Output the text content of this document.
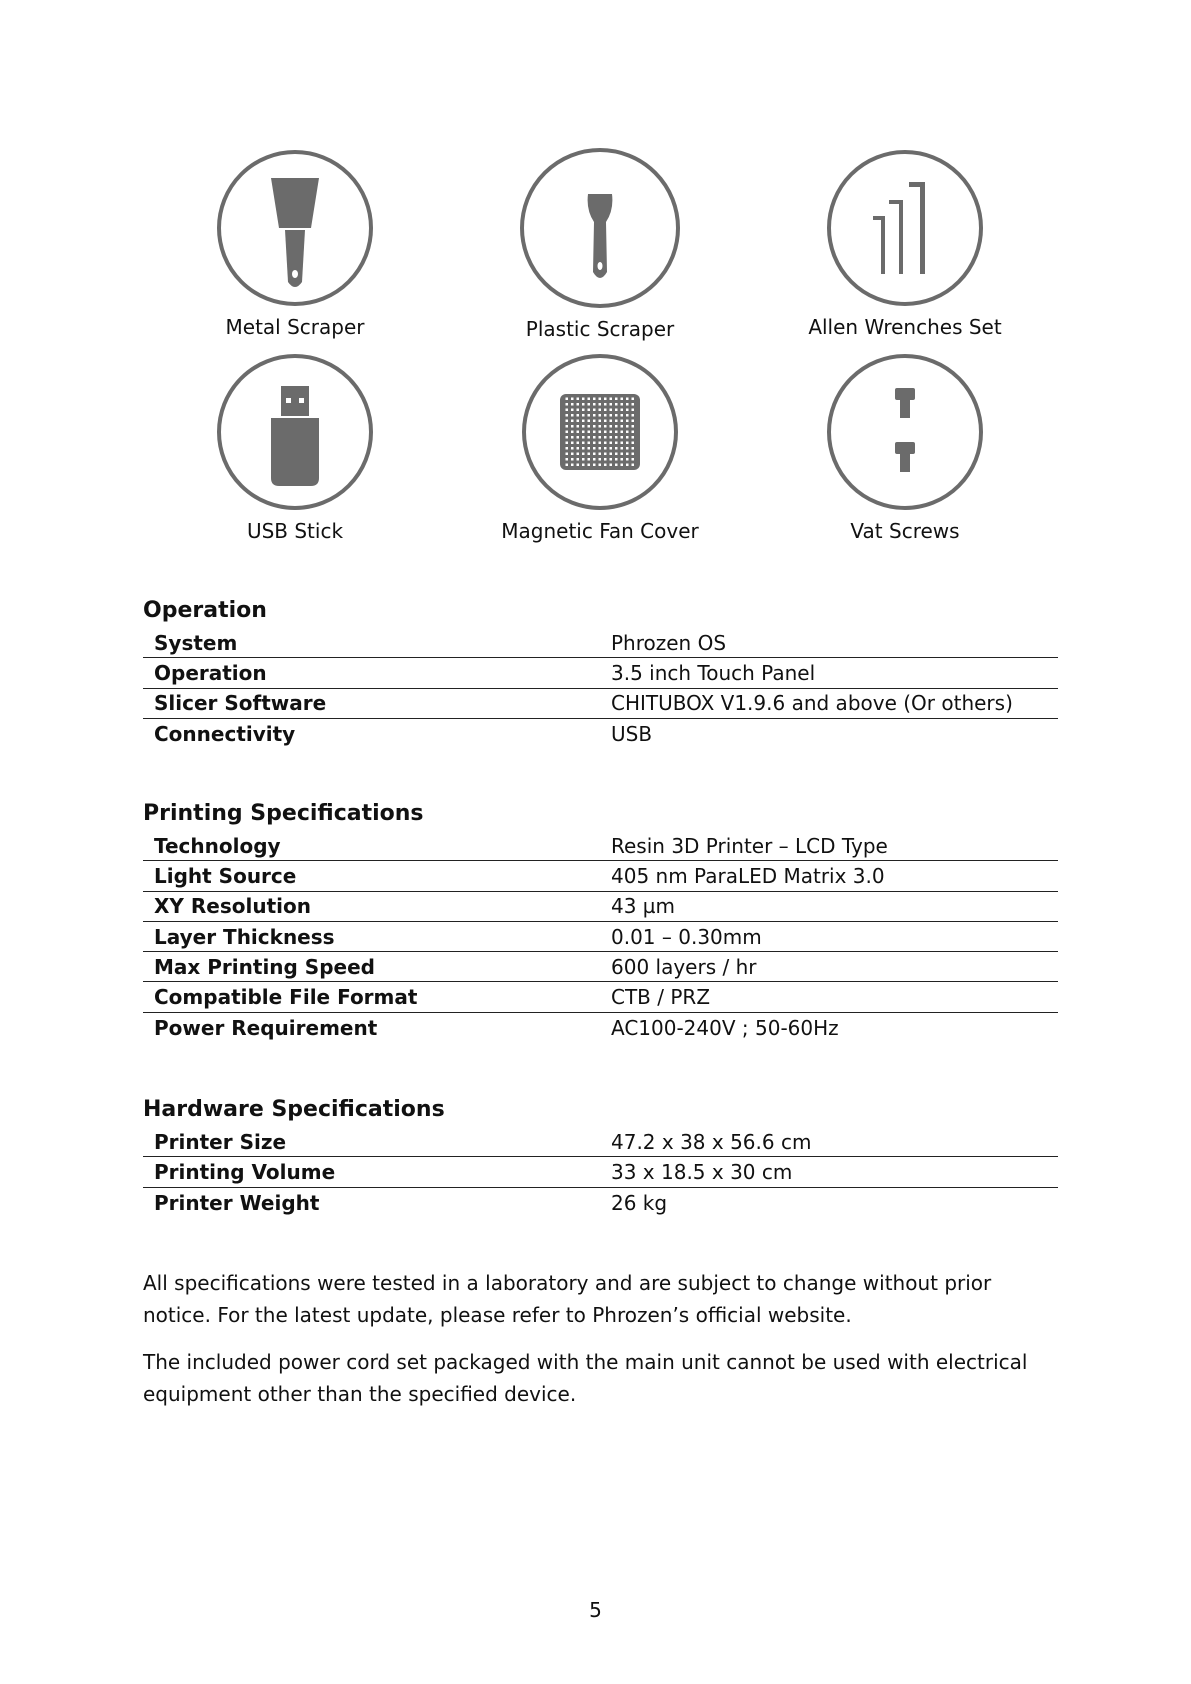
Metal Scraper	Plastic Scraper	Allen Wrenches Set
USB Stick	Magnetic Fan Cover	Vat Screws
Operation
System	Phrozen OS
Operation	3.5 inch Touch Panel
Slicer Software	CHITUBOX V1.9.6 and above (Or others)
Connectivity	USB
Printing Specifications
Technology	Resin 3D Printer – LCD Type
Light Source	405 nm ParaLED Matrix 3.0
XY Resolution	43 µm
Layer Thickness	0.01 – 0.30mm
Max Printing Speed	600 layers / hr
Compatible File Format	CTB / PRZ
Power Requirement	AC100-240V ; 50-60Hz
Hardware Specifications
Printer Size	47.2 x 38 x 56.6 cm
Printing Volume	33 x 18.5 x 30 cm
Printer Weight	26 kg

All specifications were tested in a laboratory and are subject to change without prior notice. For the latest update, please refer to Phrozen’s official website.

The included power cord set packaged with the main unit cannot be used with electrical equipment other than the specified device.

5
